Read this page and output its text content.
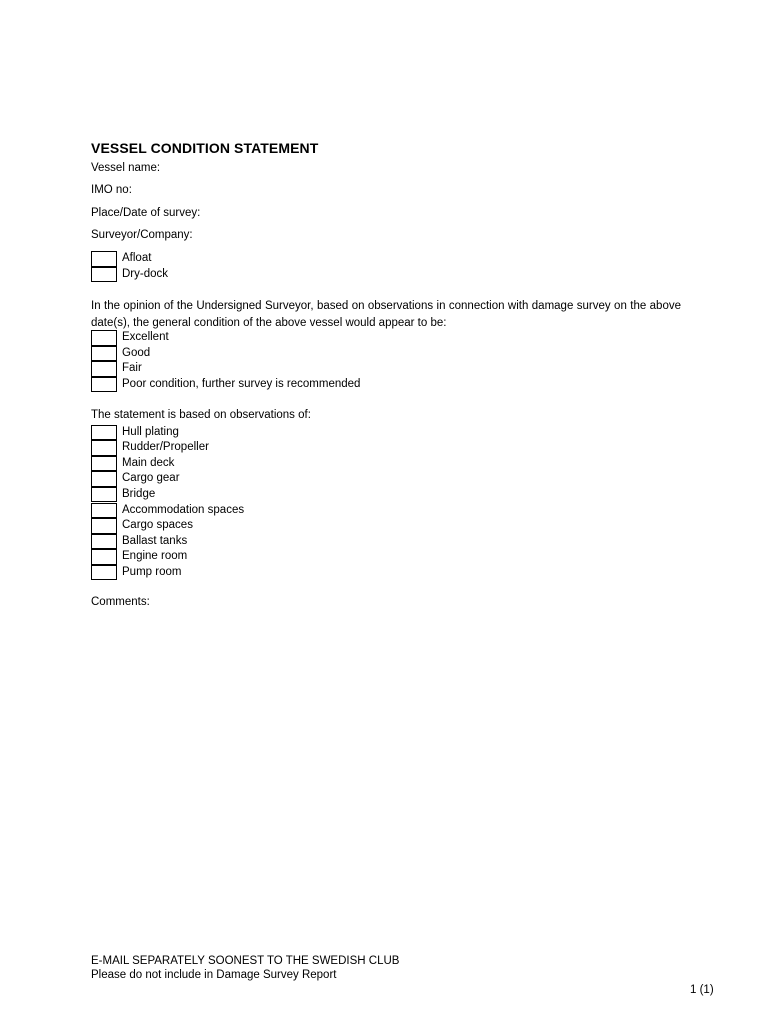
VESSEL CONDITION STATEMENT
Vessel name:
IMO no:
Place/Date of survey:
Surveyor/Company:
Afloat
Dry-dock
In the opinion of the Undersigned Surveyor, based on observations in connection with damage survey on the above date(s), the general condition of the above vessel would appear to be:
Excellent
Good
Fair
Poor condition, further survey is recommended
The statement is based on observations of:
Hull plating
Rudder/Propeller
Main deck
Cargo gear
Bridge
Accommodation spaces
Cargo spaces
Ballast tanks
Engine room
Pump room
Comments:
E-MAIL SEPARATELY SOONEST TO THE SWEDISH CLUB
Please do not include in Damage Survey Report
1 (1)
